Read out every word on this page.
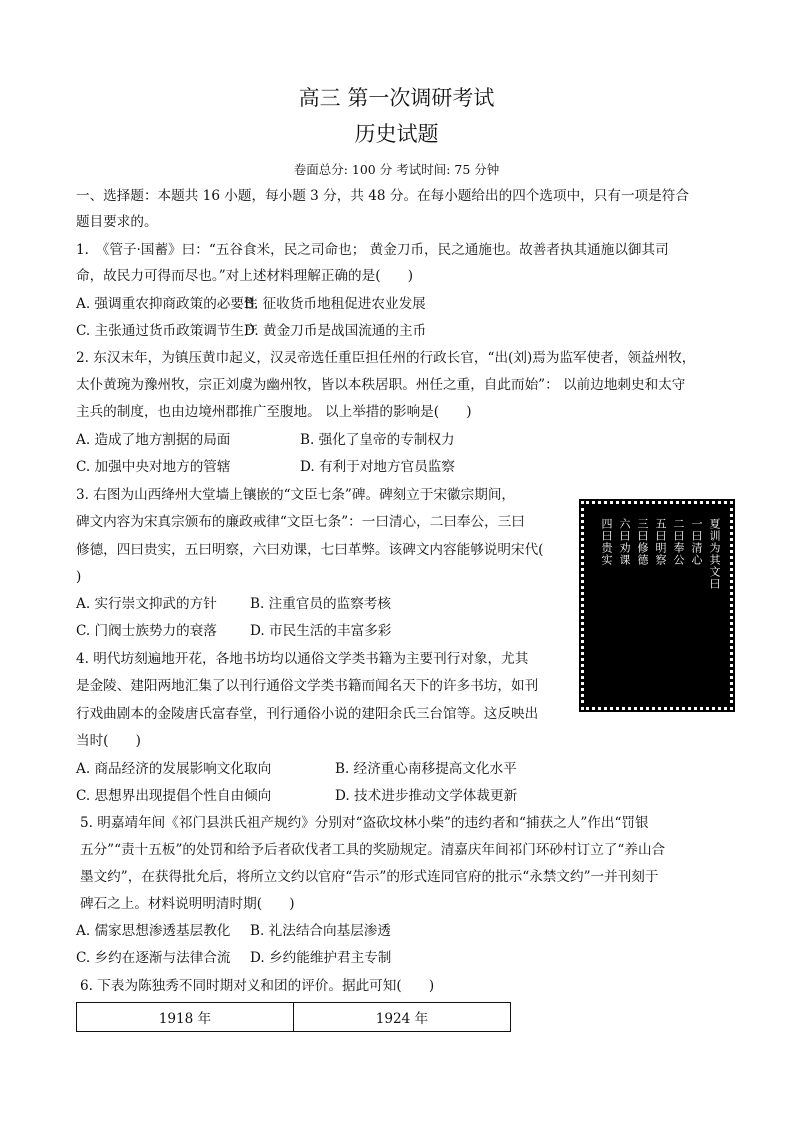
高三 第一次调研考试
历史试题
卷面总分: 100 分 考试时间: 75 分钟
一、选择题：本题共 16 小题，每小题 3 分，共 48 分。在每小题给出的四个选项中，只有一项是符合
题目要求的。
1.　《管子·国蓄》曰：“五谷食米，民之司命也； 黄金刀币，民之通施也。故善者执其通施以御其司
命，故民力可得而尽也。”对上述材料理解正确的是(　　)
A. 强调重农抑商政策的必要性
B. 征收货币地租促进农业发展
C. 主张通过货币政策调节生产
D. 黄金刀币是战国流通的主币
2. 东汉末年，为镇压黄巾起义，汉灵帝选任重臣担任州的行政长官，“出(刘)焉为监军使者，领益州牧，
太仆黄琬为豫州牧，宗正刘虞为幽州牧，皆以本秩居职。州任之重，自此而始”： 以前边地刺史和太守
主兵的制度，也由边境州郡推广至腹地。 以上举措的影响是(　　)
A. 造成了地方割据的局面	B. 强化了皇帝的专制权力
C. 加强中央对地方的管辖	D. 有利于对地方官员监察
3. 右图为山西绛州大堂墙上镶嵌的“文臣七条”碑。碑刻立于宋徽宗期间，
碑文内容为宋真宗颁布的廉政戒律“文臣七条”：一曰清心，二曰奉公，三曰
修德，四曰贵实，五曰明察，六曰劝课，七曰革弊。该碑文内容能够说明宋代(
)
A. 实行崇文抑武的方针 B. 注重官员的监察考核
C. 门阀士族势力的衰落 D. 市民生活的丰富多彩
夏训为其文曰
一曰清心
二曰奉公
五曰明察
三曰修德
六曰劝课
四曰贵实
4. 明代坊刻遍地开花，各地书坊均以通俗文学类书籍为主要刊行对象，尤其
是金陵、建阳两地汇集了以刊行通俗文学类书籍而闻名天下的许多书坊，如刊
行戏曲剧本的金陵唐氏富春堂，刊行通俗小说的建阳余氏三台馆等。这反映出
当时(　　)
A. 商品经济的发展影响文化取向	B. 经济重心南移提高文化水平
C. 思想界出现提倡个性自由倾向	D. 技术进步推动文学体裁更新
5. 明嘉靖年间《祁门县洪氏祖产规约》分别对“盗砍坟林小柴”的违约者和“捕获之人”作出“罚银
五分”“责十五板”的处罚和给予后者砍伐者工具的奖励规定。清嘉庆年间祁门环砂村订立了“养山合
墨文约”，在获得批允后，将所立文约以官府“告示”的形式连同官府的批示“永禁文约”一并刊刻于
碑石之上。材料说明明清时期(　　)
A. 儒家思想渗透基层教化 B. 礼法结合向基层渗透
C. 乡约在逐渐与法律合流 D. 乡约能维护君主专制
6. 下表为陈独秀不同时期对义和团的评价。据此可知(　　)
1918 年	1924 年
